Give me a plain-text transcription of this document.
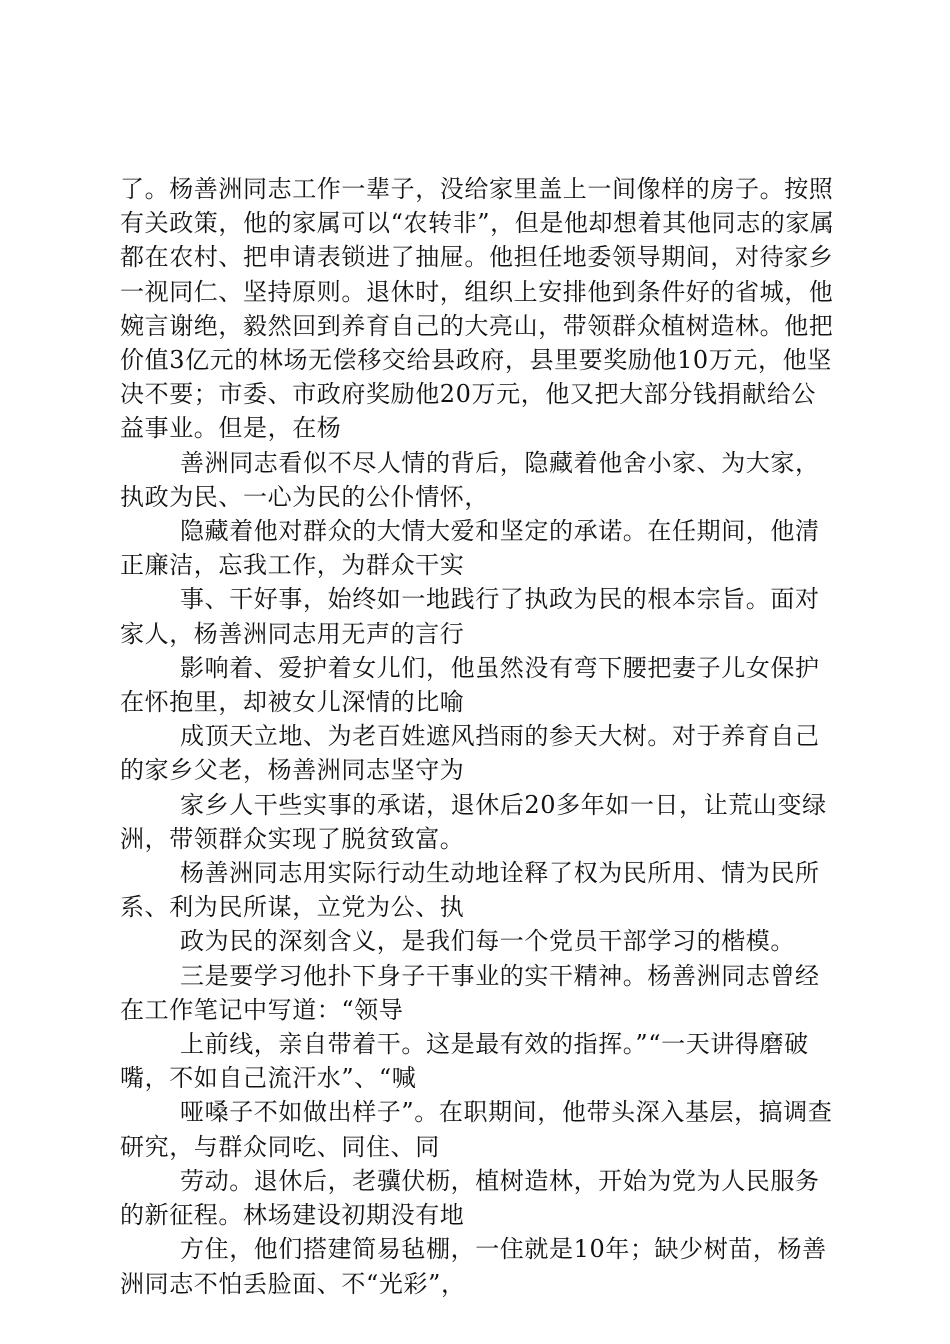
了。杨善洲同志工作一辈子，没给家里盖上一间像样的房子。按照有关政策，他的家属可以“农转非”，但是他却想着其他同志的家属都在农村、把申请表锁进了抽屉。他担任地委领导期间，对待家乡一视同仁、坚持原则。退休时，组织上安排他到条件好的省城，他婉言谢绝，毅然回到养育自己的大亮山，带领群众植树造林。他把价值3亿元的林场无偿移交给县政府，县里要奖励他10万元，他坚决不要；市委、市政府奖励他20万元，他又把大部分钱捐献给公益事业。但是，在杨

善洲同志看似不尽人情的背后，隐藏着他舍小家、为大家，执政为民、一心为民的公仆情怀，

隐藏着他对群众的大情大爱和坚定的承诺。在任期间，他清正廉洁，忘我工作，为群众干实

事、干好事，始终如一地践行了执政为民的根本宗旨。面对家人，杨善洲同志用无声的言行

影响着、爱护着女儿们，他虽然没有弯下腰把妻子儿女保护在怀抱里，却被女儿深情的比喻

成顶天立地、为老百姓遮风挡雨的参天大树。对于养育自己的家乡父老，杨善洲同志坚守为

家乡人干些实事的承诺，退休后20多年如一日，让荒山变绿洲，带领群众实现了脱贫致富。

杨善洲同志用实际行动生动地诠释了权为民所用、情为民所系、利为民所谋，立党为公、执

政为民的深刻含义，是我们每一个党员干部学习的楷模。

三是要学习他扑下身子干事业的实干精神。杨善洲同志曾经在工作笔记中写道：“领导

上前线，亲自带着干。这是最有效的指挥。”“一天讲得磨破嘴，不如自己流汗水”、“喊

哑嗓子不如做出样子”。在职期间，他带头深入基层，搞调查研究，与群众同吃、同住、同

劳动。退休后，老骥伏枥，植树造林，开始为党为人民服务的新征程。林场建设初期没有地

方住，他们搭建简易毡棚，一住就是10年；缺少树苗，杨善洲同志不怕丢脸面、不“光彩”，
